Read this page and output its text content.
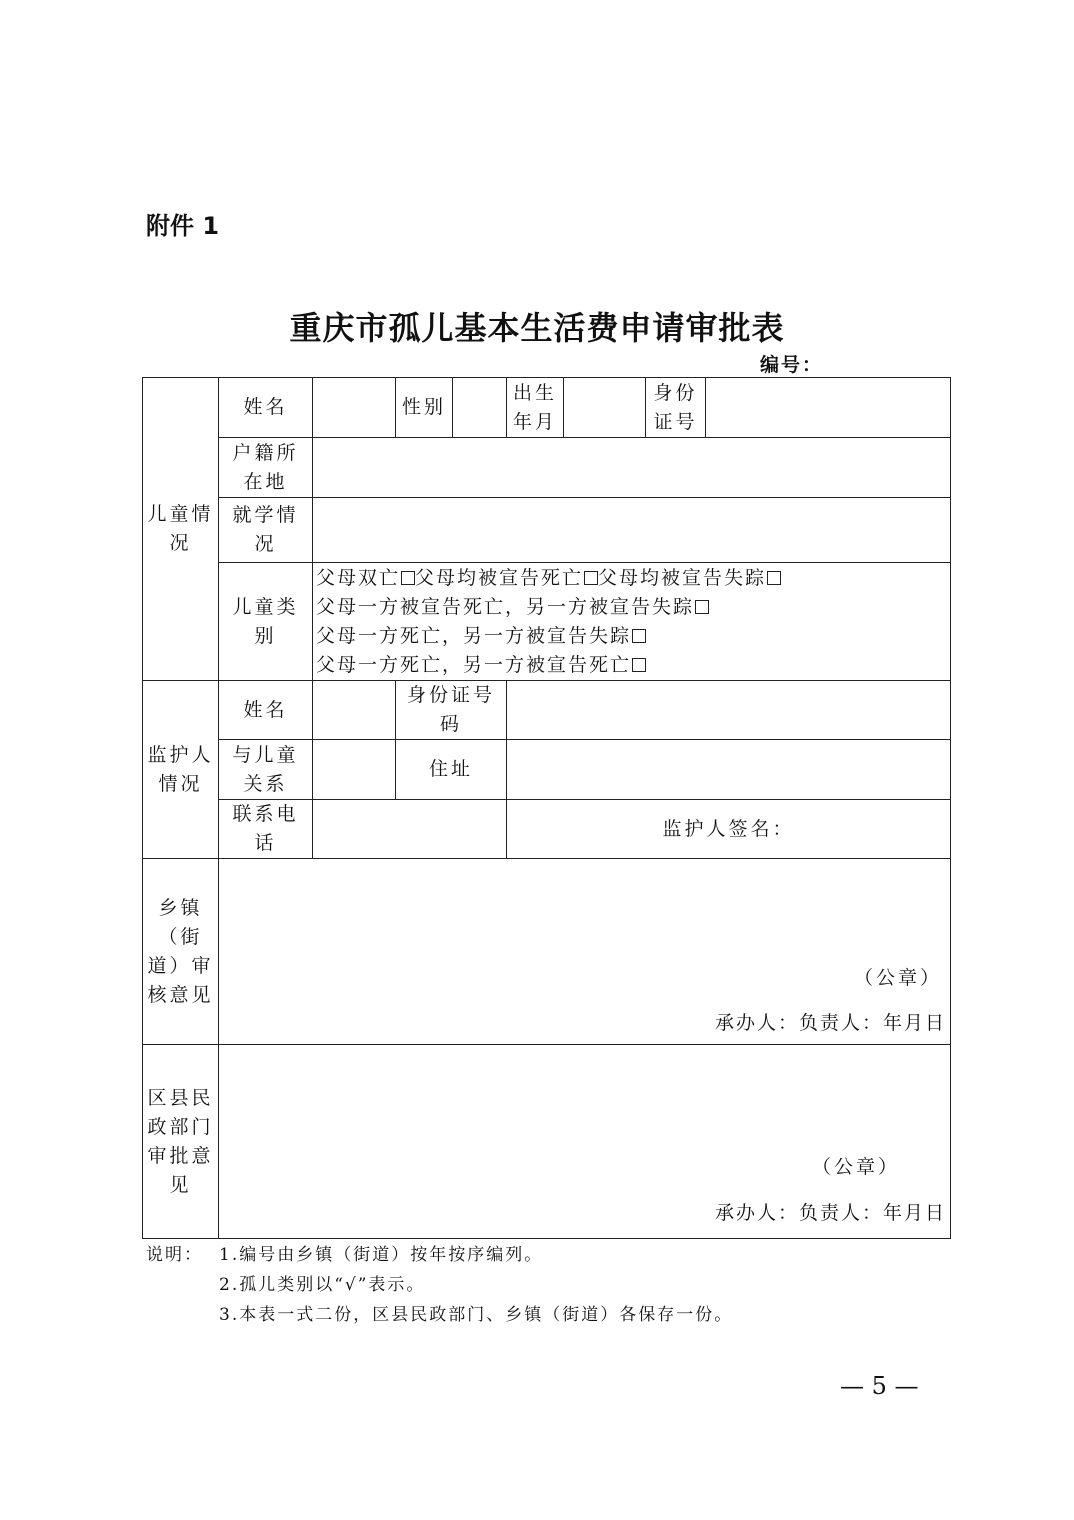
附件 1
重庆市孤儿基本生活费申请审批表
编号：
儿童情况	姓名		性别		出生年月		身份证号	
	户籍所在地							
	就学情况							
	儿童类别	父母双亡 父母均被宣告死亡 父母均被宣告失踪
父母一方被宣告死亡，另一方被宣告失踪
父母一方死亡，另一方被宣告失踪
父母一方死亡，另一方被宣告死亡						

监护人情况	姓名		身份证号码					
	与儿童关系		住址					
	联系电话				监护人签名：			
乡镇（街道）审核意见	（公章）
承办人：负责人：年月日							

区县民政部门审批意见	（公章）
承办人：负责人：年月日							
说明： 1.编号由乡镇（街道）按年按序编列。
2.孤儿类别以“√”表示。
3.本表一式二份，区县民政部门、乡镇（街道）各保存一份。
— 5 —
